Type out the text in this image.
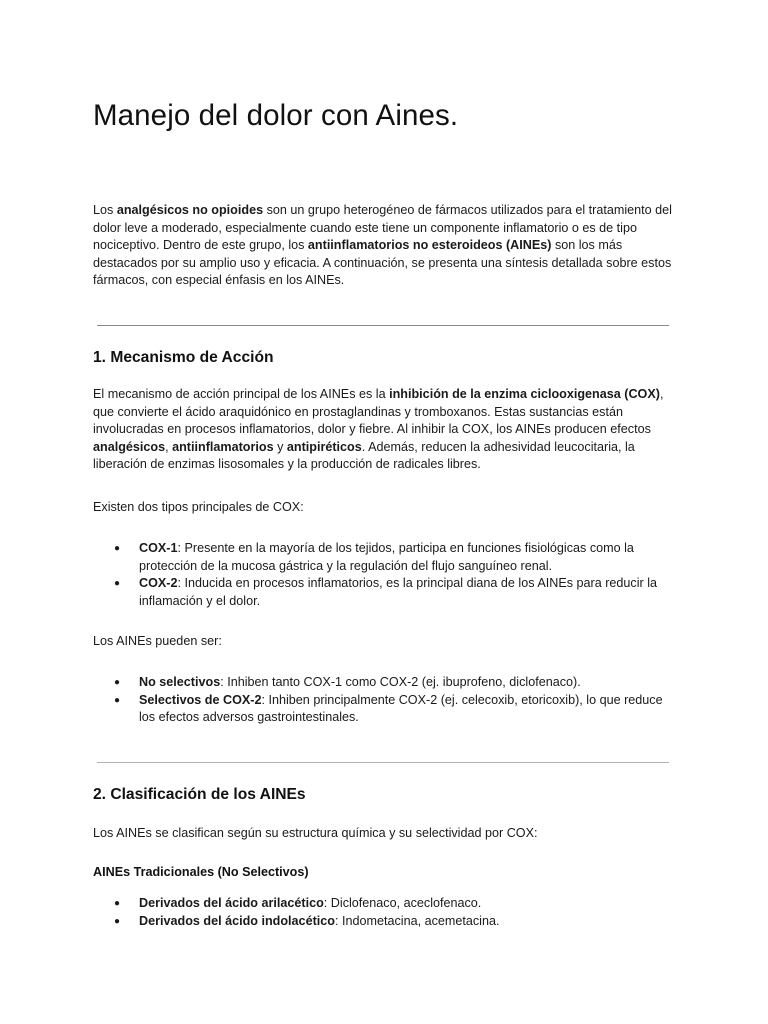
Manejo del dolor con Aines.

Los analgésicos no opioides son un grupo heterogéneo de fármacos utilizados para el tratamiento del dolor leve a moderado, especialmente cuando este tiene un componente inflamatorio o es de tipo nociceptivo. Dentro de este grupo, los antiinflamatorios no esteroideos (AINEs) son los más destacados por su amplio uso y eficacia. A continuación, se presenta una síntesis detallada sobre estos fármacos, con especial énfasis en los AINEs.

1. Mecanismo de Acción

El mecanismo de acción principal de los AINEs es la inhibición de la enzima ciclooxigenasa (COX), que convierte el ácido araquidónico en prostaglandinas y tromboxanos. Estas sustancias están involucradas en procesos inflamatorios, dolor y fiebre. Al inhibir la COX, los AINEs producen efectos analgésicos, antiinflamatorios y antipiréticos. Además, reducen la adhesividad leucocitaria, la liberación de enzimas lisosomales y la producción de radicales libres.

Existen dos tipos principales de COX:

● COX-1: Presente en la mayoría de los tejidos, participa en funciones fisiológicas como la protección de la mucosa gástrica y la regulación del flujo sanguíneo renal.
● COX-2: Inducida en procesos inflamatorios, es la principal diana de los AINEs para reducir la inflamación y el dolor.

Los AINEs pueden ser:

● No selectivos: Inhiben tanto COX-1 como COX-2 (ej. ibuprofeno, diclofenaco).
● Selectivos de COX-2: Inhiben principalmente COX-2 (ej. celecoxib, etoricoxib), lo que reduce los efectos adversos gastrointestinales.
2. Clasificación de los AINEs

Los AINEs se clasifican según su estructura química y su selectividad por COX:

AINEs Tradicionales (No Selectivos)
● Derivados del ácido arilacético: Diclofenaco, aceclofenaco.
● Derivados del ácido indolacético: Indometacina, acemetacina.
